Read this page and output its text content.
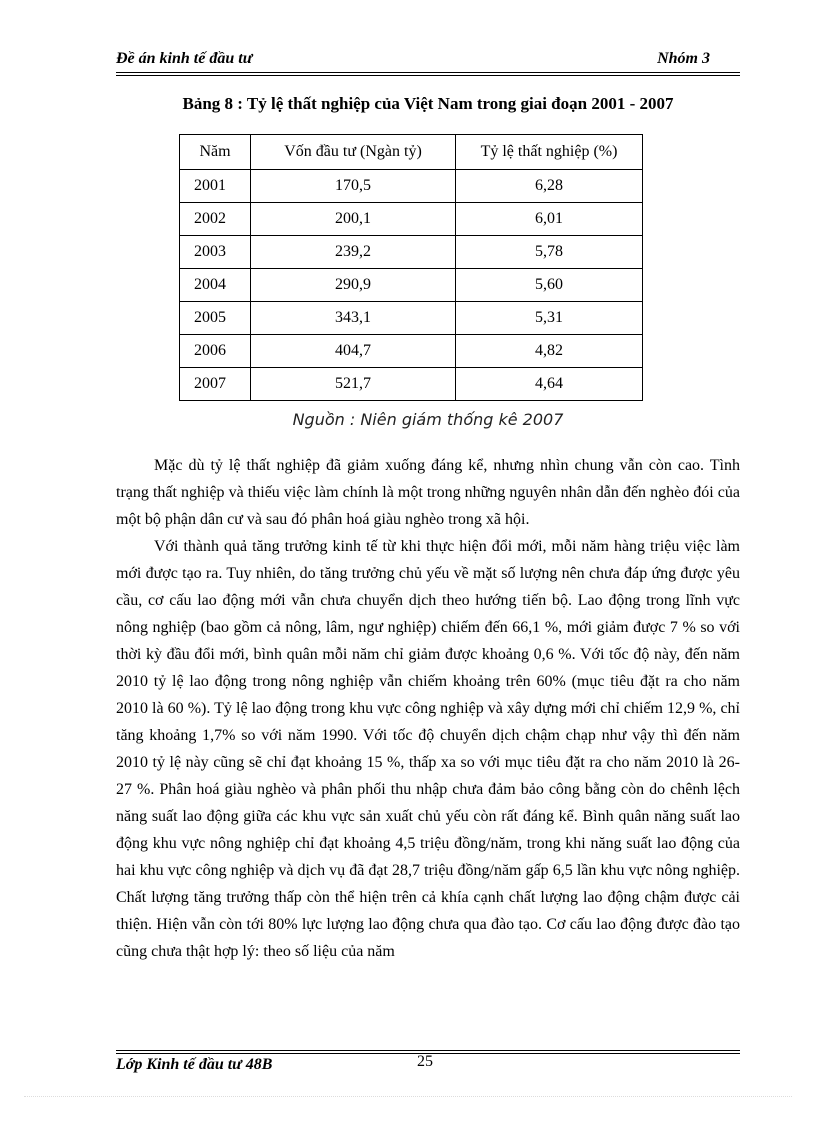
Đề án kinh tế đầu tư	Nhóm 3
Bảng 8 : Tỷ lệ thất nghiệp của Việt Nam trong giai đoạn 2001 - 2007
Năm	Vốn đầu tư (Ngàn tỷ)	Tỷ lệ thất nghiệp (%)
2001	170,5	6,28
2002	200,1	6,01
2003	239,2	5,78
2004	290,9	5,60
2005	343,1	5,31
2006	404,7	4,82
2007	521,7	4,64
Nguồn : Niên giám thống kê 2007

Mặc dù tỷ lệ thất nghiệp đã giảm xuống đáng kể, nhưng nhìn chung vẫn còn cao. Tình trạng thất nghiệp và thiếu việc làm chính là một trong những nguyên nhân dẫn đến nghèo đói của một bộ phận dân cư và sau đó phân hoá giàu nghèo trong xã hội.

Với thành quả tăng trưởng kinh tế từ khi thực hiện đổi mới, mỗi năm hàng triệu việc làm mới được tạo ra. Tuy nhiên, do tăng trưởng chủ yếu về mặt số lượng nên chưa đáp ứng được yêu cầu, cơ cấu lao động mới vẫn chưa chuyển dịch theo hướng tiến bộ. Lao động trong lĩnh vực nông nghiệp (bao gồm cả nông, lâm, ngư nghiệp) chiếm đến 66,1 %, mới giảm được 7 % so với thời kỳ đầu đổi mới, bình quân mỗi năm chỉ giảm được khoảng 0,6 %. Với tốc độ này, đến năm 2010 tỷ lệ lao động trong nông nghiệp vẫn chiếm khoảng trên 60% (mục tiêu đặt ra cho năm 2010 là 60 %). Tỷ lệ lao động trong khu vực công nghiệp và xây dựng mới chỉ chiếm 12,9 %, chỉ tăng khoảng 1,7% so với năm 1990. Với tốc độ chuyển dịch chậm chạp như vậy thì đến năm 2010 tỷ lệ này cũng sẽ chỉ đạt khoảng 15 %, thấp xa so với mục tiêu đặt ra cho năm 2010 là 26-27 %. Phân hoá giàu nghèo và phân phối thu nhập chưa đảm bảo công bằng còn do chênh lệch năng suất lao động giữa các khu vực sản xuất chủ yếu còn rất đáng kể. Bình quân năng suất lao động khu vực nông nghiệp chỉ đạt khoảng 4,5 triệu đồng/năm, trong khi năng suất lao động của hai khu vực công nghiệp và dịch vụ đã đạt 28,7 triệu đồng/năm gấp 6,5 lần khu vực nông nghiệp. Chất lượng tăng trưởng thấp còn thể hiện trên cả khía cạnh chất lượng lao động chậm được cải thiện. Hiện vẫn còn tới 80% lực lượng lao động chưa qua đào tạo. Cơ cấu lao động được đào tạo cũng chưa thật hợp lý: theo số liệu của năm

Lớp Kinh tế đầu tư 48B	25
